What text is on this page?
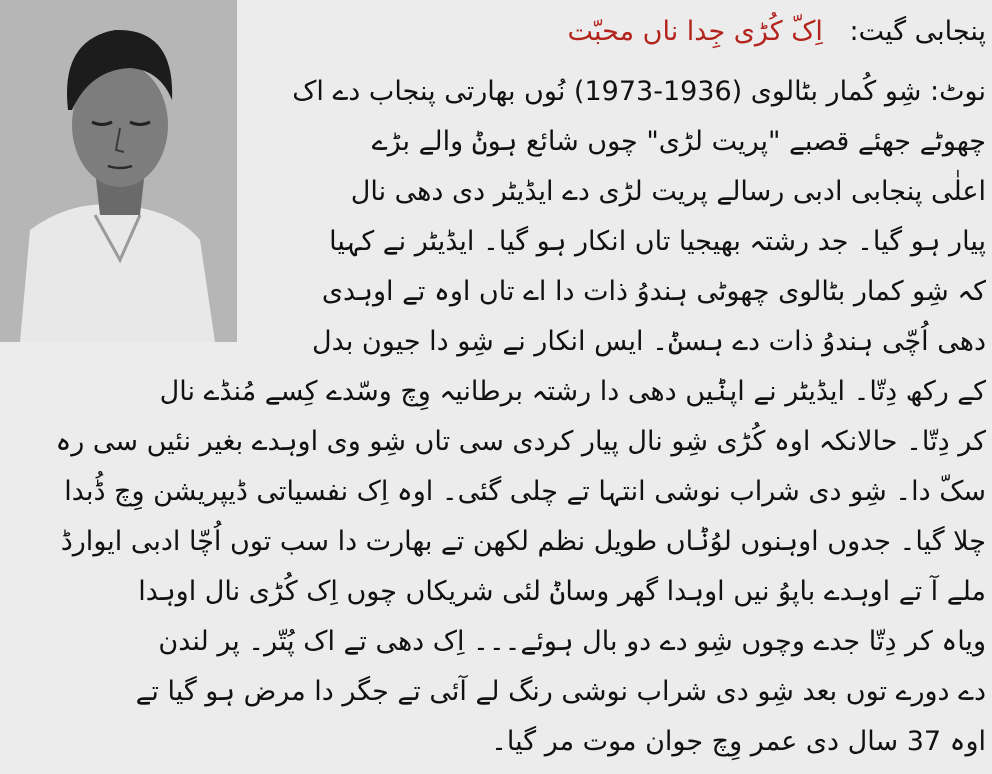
پنجابی گیت: اِکّ کُڑی جِدا ناں محبّت
نوٹ: شِو کُمار بٹالوی (1936-1973) نُوں بھارتی پنجاب دے اک
چھوٹے جھئے قصبے "پریت لڑی" چوں شائع ہوݨ والے بڑے
اعلٰی پنجابی ادبی رسالے پریت لڑی دے ایڈیٹر دی دھی نال
پیار ہو گیا۔ جد رشتہ بھیجیا تاں انکار ہو گیا۔ ایڈیٹر نے کہیا
کہ شِو کمار بٹالوی چھوٹی ہندوُ ذات دا اے تاں اوہ تے اوہدی
دھی اُچّی ہندوُ ذات دے ہسݨ۔ ایس انکار نے شِو دا جیون بدل
کے رکھ دِتّا۔ ایڈیٹر نے اپݨیں دھی دا رشتہ برطانیہ وِچ وسّدے کِسے مُنڈے نال
کر دِتّا۔ حالانکہ اوہ کُڑی شِو نال پیار کردی سی تاں شِو وی اوہدے بغیر نئیں سی رہ
سکّ دا۔ شِو دی شراب نوشی انتہا تے چلی گئی۔ اوہ اِک نفسیاتی ڈیپریشن وِچ ڈُبدا
چلا گیا۔ جدوں اوہنوں لوُݨاں طویل نظم لکھن تے بھارت دا سب توں اُچّا ادبی ایوارڈ
ملے آ تے اوہدے باپوُ نیں اوہدا گھر وساݨ لئی شریکاں چوں اِک کُڑی نال اوہدا
ویاہ کر دِتّا جدے وچوں شِو دے دو بال ہوئے۔۔۔ اِک دھی تے اک پُتّر۔ پر لندن
دے دورے توں بعد شِو دی شراب نوشی رنگ لے آئی تے جگر دا مرض ہو گیا تے
اوہ 37 سال دی عمر وِچ جوان موت مر گیا۔
